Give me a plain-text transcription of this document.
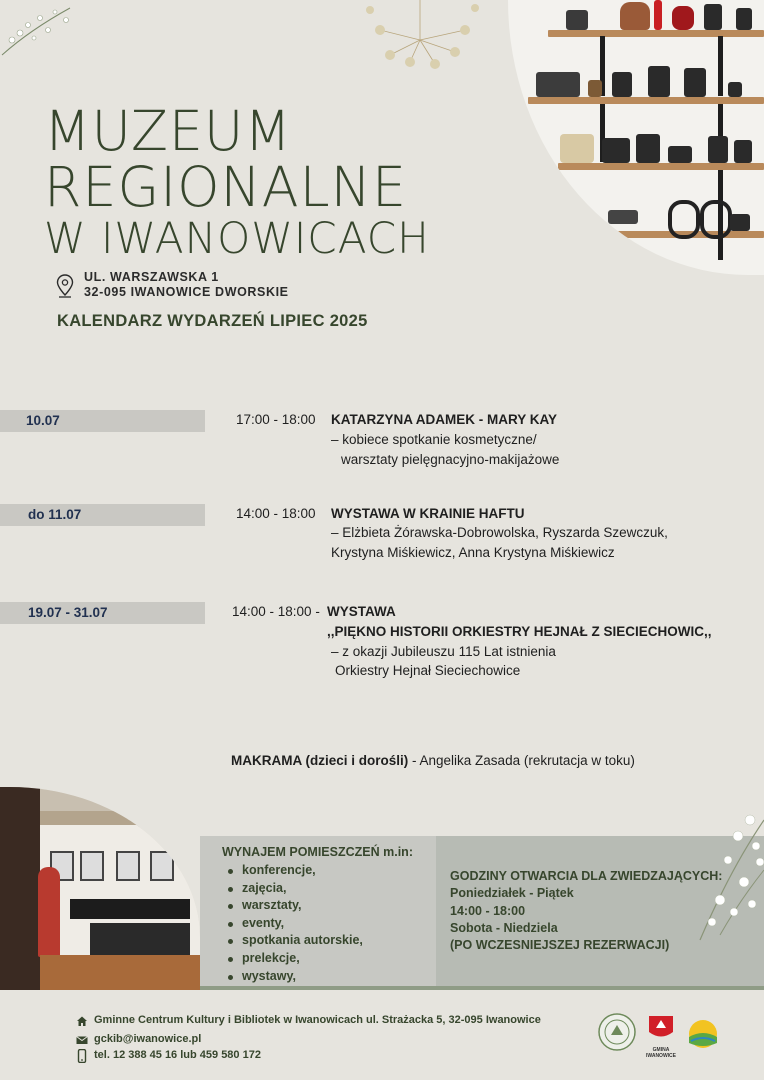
MUZEUM
REGIONALNE
W IWANOWICACH
UL. WARSZAWSKA 1
32-095 IWANOWICE DWORSKIE
KALENDARZ WYDARZEŃ LIPIEC 2025
10.07	17:00 - 18:00 KATARZYNA ADAMEK - MARY KAY
– kobiece spotkanie kosmetyczne/
warsztaty pielęgnacyjno-makijażowe
do 11.07	14:00 - 18:00 WYSTAWA W KRAINIE HAFTU
– Elżbieta Żórawska-Dobrowolska, Ryszarda Szewczuk,
Krystyna Miśkiewicz, Anna Krystyna Miśkiewicz
19.07 - 31.07	14:00 - 18:00 - WYSTAWA
,,PIĘKNO HISTORII ORKIESTRY HEJNAŁ Z SIECIECHOWIC,,
– z okazji Jubileuszu 115 Lat istnienia
Orkiestry Hejnał Sieciechowice
MAKRAMA (dzieci i dorośli) - Angelika Zasada (rekrutacja w toku)
WYNAJEM POMIESZCZEŃ m.in:
konferencje,
zajęcia,
warsztaty,
eventy,
spotkania autorskie,
prelekcje,
wystawy,
GODZINY OTWARCIA DLA ZWIEDZAJĄCYCH:
Poniedziałek - Piątek
14:00 - 18:00
Sobota - Niedziela
(PO WCZESNIEJSZEJ REZERWACJI)
Gminne Centrum Kultury i Bibliotek w Iwanowicach ul. Strażacka 5, 32-095 Iwanowice
gckib@iwanowice.pl
tel. 12 388 45 16 lub 459 580 172	GMINA IWANOWICE
